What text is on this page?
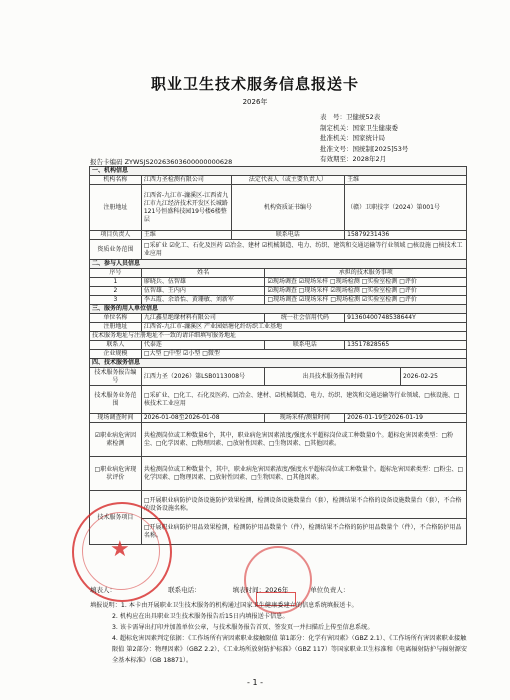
职业卫生技术服务信息报送卡
2026年
表　号：卫健统52表
制定机关：国家卫生健康委
批准机关：国家统计局
批准文号：国统制[2025]53号
有效期至：2028年2月
报告卡编码 ZYWSJS20263603600000000628
一、机构信息					
机构名称	江西力圣检测有限公司	法定代表人（或主要负责人）		王维	
注册地址	江西省-九江市-濂溪区-江西省九江市九江经济技术开发区长城路121号恒盛科技园19号楼6楼整层	机构资质证书编号		（赣）卫职技字（2024）第001号	
项目负责人	王维	联系电话		15879231436	
资质业务范围	□采矿业 ☑化工、石化及医药 ☑冶金、建材 ☑机械制造、电力、纺织、建筑和交通运输等行业领域 □核设施 □核技术工业应用				
二、参与人员信息					
序号	姓名		承担的技术服务事项		
1	廖晓兵、伍智雄		☑现场调查 ☑现场采样 □现场检测 □实验室检测 □评价		
2	伍智雄、王内内		☑现场调查 □现场采样 ☑现场检测 □实验室检测 □评价		
3	李五霞、余语怡、黄珊敏、刘新军		□现场调查 ☑现场采样 □现场检测 ☑实验室检测 □评价		
三、服务的用人单位信息					
单位名称	九江鑫星绝缘材料有限公司		统一社会信用代码	91360400748538644Y	
注册地址	江西省-九江市-濂溪区 产业园姑塘化纤纺织工业基地				
技术服务地址与注册地址不一致的请详细填写服务地址					
联系人	代泰连		联系电话	13517828565	
企业规模	□大型 □中型 ☑小型 □微型				
四、技术服务信息					
技术服务报告编号	江西力圣（2026）第LSB0113008号		出具技术服务报告时间		2026-02-25
技术服务业务范围	□采矿业、□化工、石化及医药、□冶金、建材、☑机械制造、电力、纺织、建筑和交通运输等行业领域、□核设施、□核技术工业应用				
现场调查时间	2026-01-08至2026-01-08		现场采样/测量时间	2026-01-19至2026-01-19	
☑职业病危害因素检测	共检测岗位或工种数量6个，其中，职业病危害因素浓度/强度水平超标岗位或工种数量0个。超标危害因素类型：□粉尘、□化学因素、□物理因素、□放射性因素、□生物因素、□其他因素。				
□职业病危害现状评价	共检测岗位或工种数量个，其中，职业病危害因素浓度/强度水平超标岗位或工种数量个。超标危害因素类型：□粉尘、□化学因素、□物理因素、□放射性因素、□生物因素、□其他因素。				
技术服务项目	□开展职业病防护设备设施防护效果检测，检测设备设施数量台（套），检测结果不合格的设备设施数量台（套），不合格的设备设施名称。				
	□开展职业病防护用品效果检测，检测防护用品数量个（件），检测结果不合格的防护用品数量个（件），不合格防护用品名称。				
★
填表人：	联系电话：	填表时间：2026年	单位负责人：
填报说明：1. 本卡由开展职业卫生技术服务的机构通过国家卫生健康委建立的信息系统填报送卡。
2. 机构应在出具职业卫生技术服务报告后15日内填报送卡信息。
3. 该卡需导出打印并加盖单位公章，与技术服务报告首页、签发页一并扫描后上传至信息系统。
4. 超标危害因素判定依据：《工作场所有害因素职业接触限值 第1部分：化学有害因素》（GBZ 2.1）、《工作场所有害因素职业接触限值 第2部分：物理因素》（GBZ 2.2）、《工业场所放射防护标准》（GBZ 117）等国家职业卫生标准和《电离辐射防护与辐射源安全基本标准》（GB 18871）。
- 1 -
